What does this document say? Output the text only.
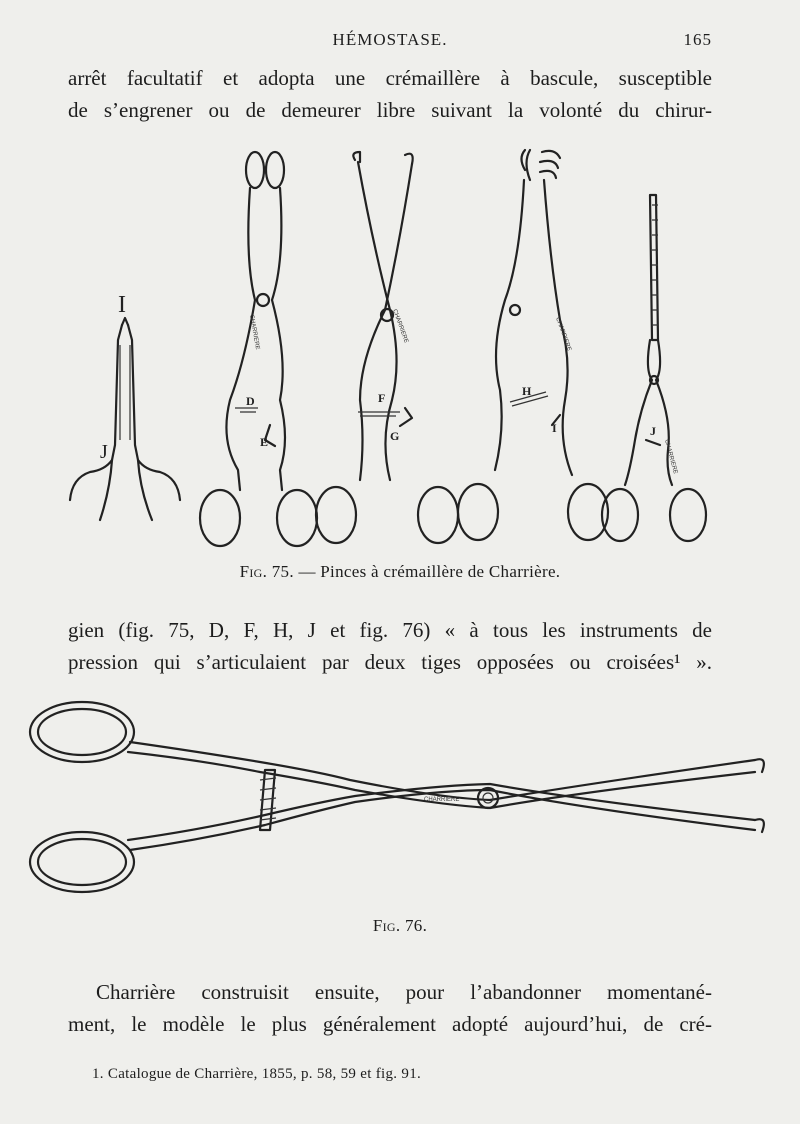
HÉMOSTASE.	165
arrêt facultatif et adopta une crémaillère à bascule, susceptible
de s’engrener ou de demeurer libre suivant la volonté du chirur-
I
J
CHARRIERE
D
E
CHARRIERE
F
G
CHARRIERE
H
I
CHARRIERE
J
Fig. 75. — Pinces à crémaillère de Charrière.
gien (fig. 75, D, F, H, J et fig. 76) « à tous les instruments de
pression qui s’articulaient par deux tiges opposées ou croisées¹ ».
CHARRIERE
Fig. 76.
Charrière construisit ensuite, pour l’abandonner momentané-
ment, le modèle le plus généralement adopté aujourd’hui, de cré-
1. Catalogue de Charrière, 1855, p. 58, 59 et fig. 91.
